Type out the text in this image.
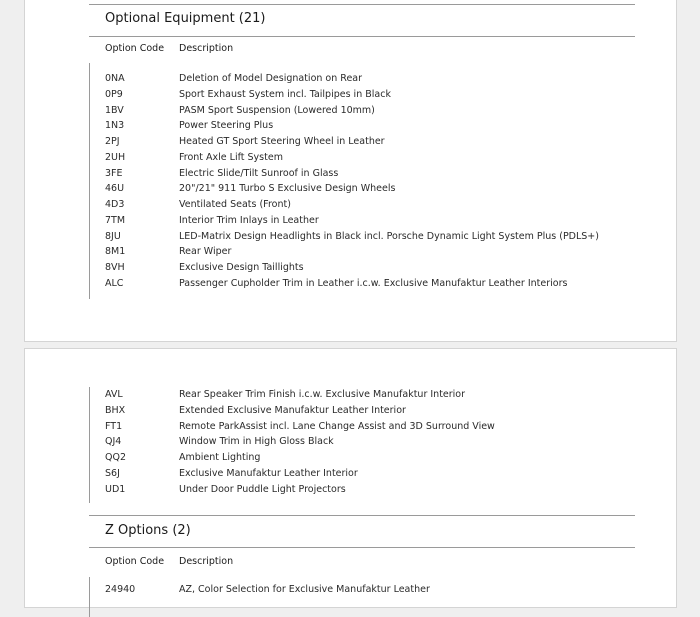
Optional Equipment (21)
Option Code Description
0NA	Deletion of Model Designation on Rear
0P9	Sport Exhaust System incl. Tailpipes in Black
1BV	PASM Sport Suspension (Lowered 10mm)
1N3	Power Steering Plus
2PJ	Heated GT Sport Steering Wheel in Leather
2UH	Front Axle Lift System
3FE	Electric Slide/Tilt Sunroof in Glass
46U	20"/21" 911 Turbo S Exclusive Design Wheels
4D3	Ventilated Seats (Front)
7TM	Interior Trim Inlays in Leather
8JU	LED-Matrix Design Headlights in Black incl. Porsche Dynamic Light System Plus (PDLS+)
8M1	Rear Wiper
8VH	Exclusive Design Taillights
ALC	Passenger Cupholder Trim in Leather i.c.w. Exclusive Manufaktur Leather Interiors
AVL	Rear Speaker Trim Finish i.c.w. Exclusive Manufaktur Interior
BHX	Extended Exclusive Manufaktur Leather Interior
FT1	Remote ParkAssist incl. Lane Change Assist and 3D Surround View
QJ4	Window Trim in High Gloss Black
QQ2	Ambient Lighting
S6J	Exclusive Manufaktur Leather Interior
UD1	Under Door Puddle Light Projectors
Z Options (2)
Option Code Description
24940	AZ, Color Selection for Exclusive Manufaktur Leather
